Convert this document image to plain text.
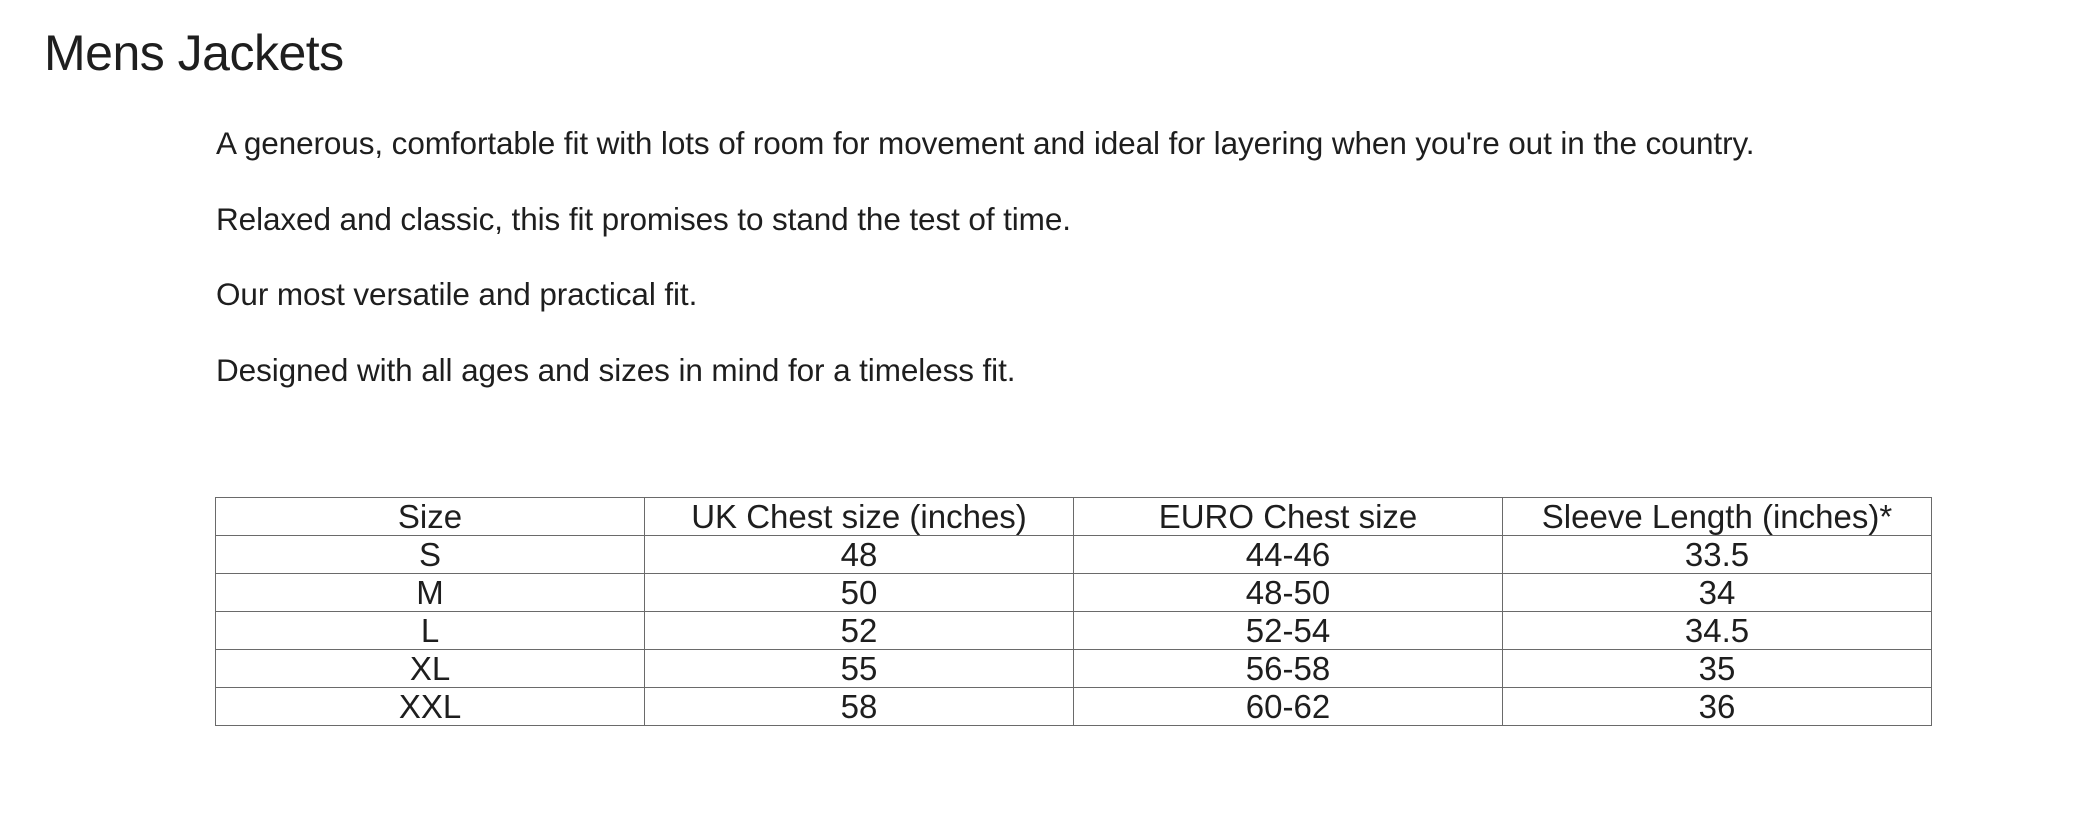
Mens Jackets

A generous, comfortable fit with lots of room for movement and ideal for layering when you're out in the country.

Relaxed and classic, this fit promises to stand the test of time.

Our most versatile and practical fit.

Designed with all ages and sizes in mind for a timeless fit.

Size	UK Chest size (inches)	EURO Chest size	Sleeve Length (inches)*
S	48	44-46	33.5
M	50	48-50	34
L	52	52-54	34.5
XL	55	56-58	35
XXL	58	60-62	36
